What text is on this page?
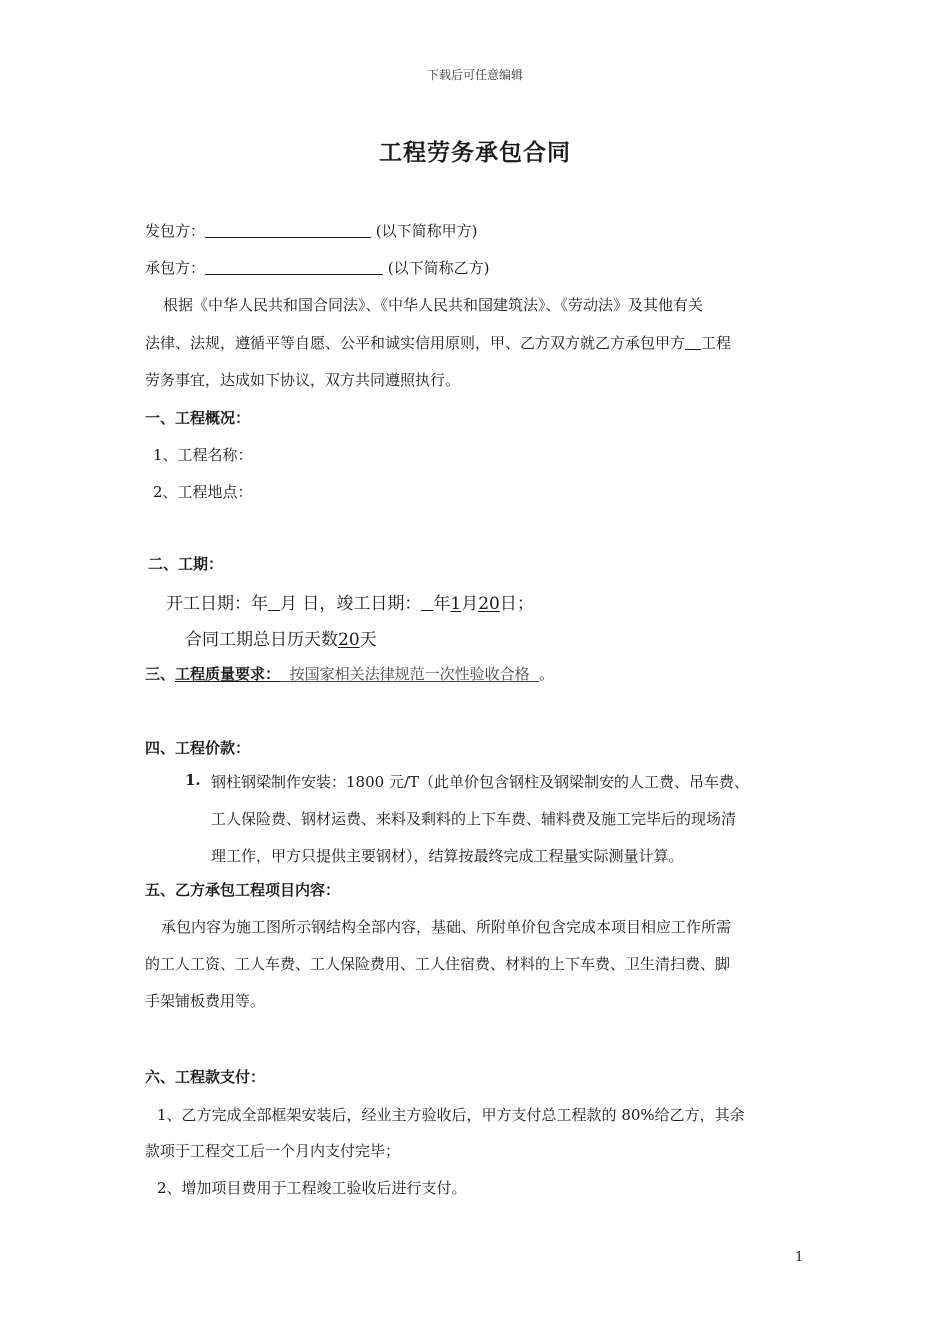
下载后可任意编辑
工程劳务承包合同
发包方：	(以下简称甲方)
承包方：	(以下简称乙方)
根据《中华人民共和国合同法》、《中华人民共和国建筑法》、《劳动法》及其他有关
法律、法规，遵循平等自愿、公平和诚实信用原则，甲、乙方双方就乙方承包甲方 工程
劳务事宜，达成如下协议，双方共同遵照执行。
一、工程概况：
1、工程名称：
2、工程地点：
二、工期：
开工日期：年 月 日，竣工日期： 年1月20日；
合同工期总日历天数20天
三、工程质量要求： 按国家相关法律规范一次性验收合格 。
四、工程价款：
1. 钢柱钢梁制作安装：1800 元/T（此单价包含钢柱及钢梁制安的人工费、吊车费、
工人保险费、钢材运费、来料及剩料的上下车费、辅料费及施工完毕后的现场清
理工作，甲方只提供主要钢材），结算按最终完成工程量实际测量计算。
五、乙方承包工程项目内容：
承包内容为施工图所示钢结构全部内容，基础、所附单价包含完成本项目相应工作所需
的工人工资、工人车费、工人保险费用、工人住宿费、材料的上下车费、卫生清扫费、脚
手架铺板费用等。
六、工程款支付：
1、乙方完成全部框架安装后，经业主方验收后，甲方支付总工程款的 80%给乙方，其余
款项于工程交工后一个月内支付完毕；
2、增加项目费用于工程竣工验收后进行支付。
1
